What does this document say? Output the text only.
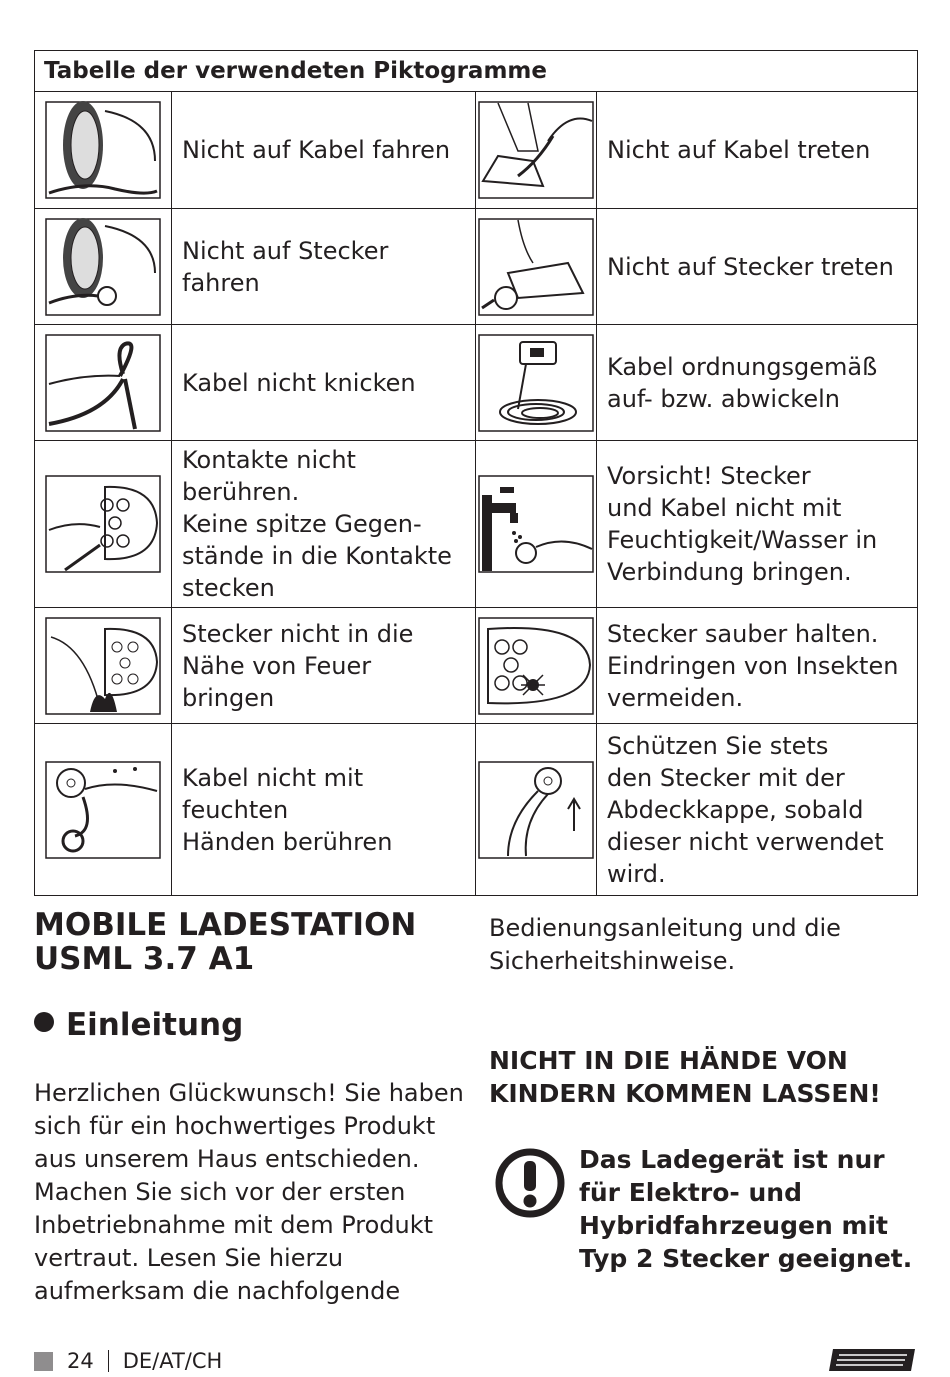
Tabelle der verwendeten Piktogramme			

	Nicht auf Kabel fahren		Nicht auf Kabel treten

	Nicht auf Stecker fahren		Nicht auf Stecker treten

	Kabel nicht knicken		Kabel ordnungsgemäß
auf- bzw. abwickeln

	Kontakte nicht berühren.
Keine spitze Gegen-
stände in die Kontakte
stecken		Vorsicht! Stecker
und Kabel nicht mit
Feuchtigkeit/Wasser in
Verbindung bringen.

	Stecker nicht in die
Nähe von Feuer bringen		Stecker sauber halten.
Eindringen von Insekten
vermeiden.

	Kabel nicht mit feuchten
Händen berühren		Schützen Sie stets
den Stecker mit der
Abdeckkappe, sobald
dieser nicht verwendet
wird.
MOBILE LADESTATION
USML 3.7 A1
Einleitung
Herzlichen Glückwunsch! Sie haben sich für ein hochwertiges Produkt aus unserem Haus entschieden. Machen Sie sich vor der ersten Inbetriebnahme mit dem Produkt vertraut. Lesen Sie hierzu aufmerksam die nachfolgende
Bedienungsanleitung und die Sicherheitshinweise.
NICHT IN DIE HÄNDE VON
KINDERN KOMMEN LASSEN!
Das Ladegerät ist nur
für Elektro- und
Hybridfahrzeugen mit
Typ 2 Stecker geeignet.
24 DE/AT/CH
